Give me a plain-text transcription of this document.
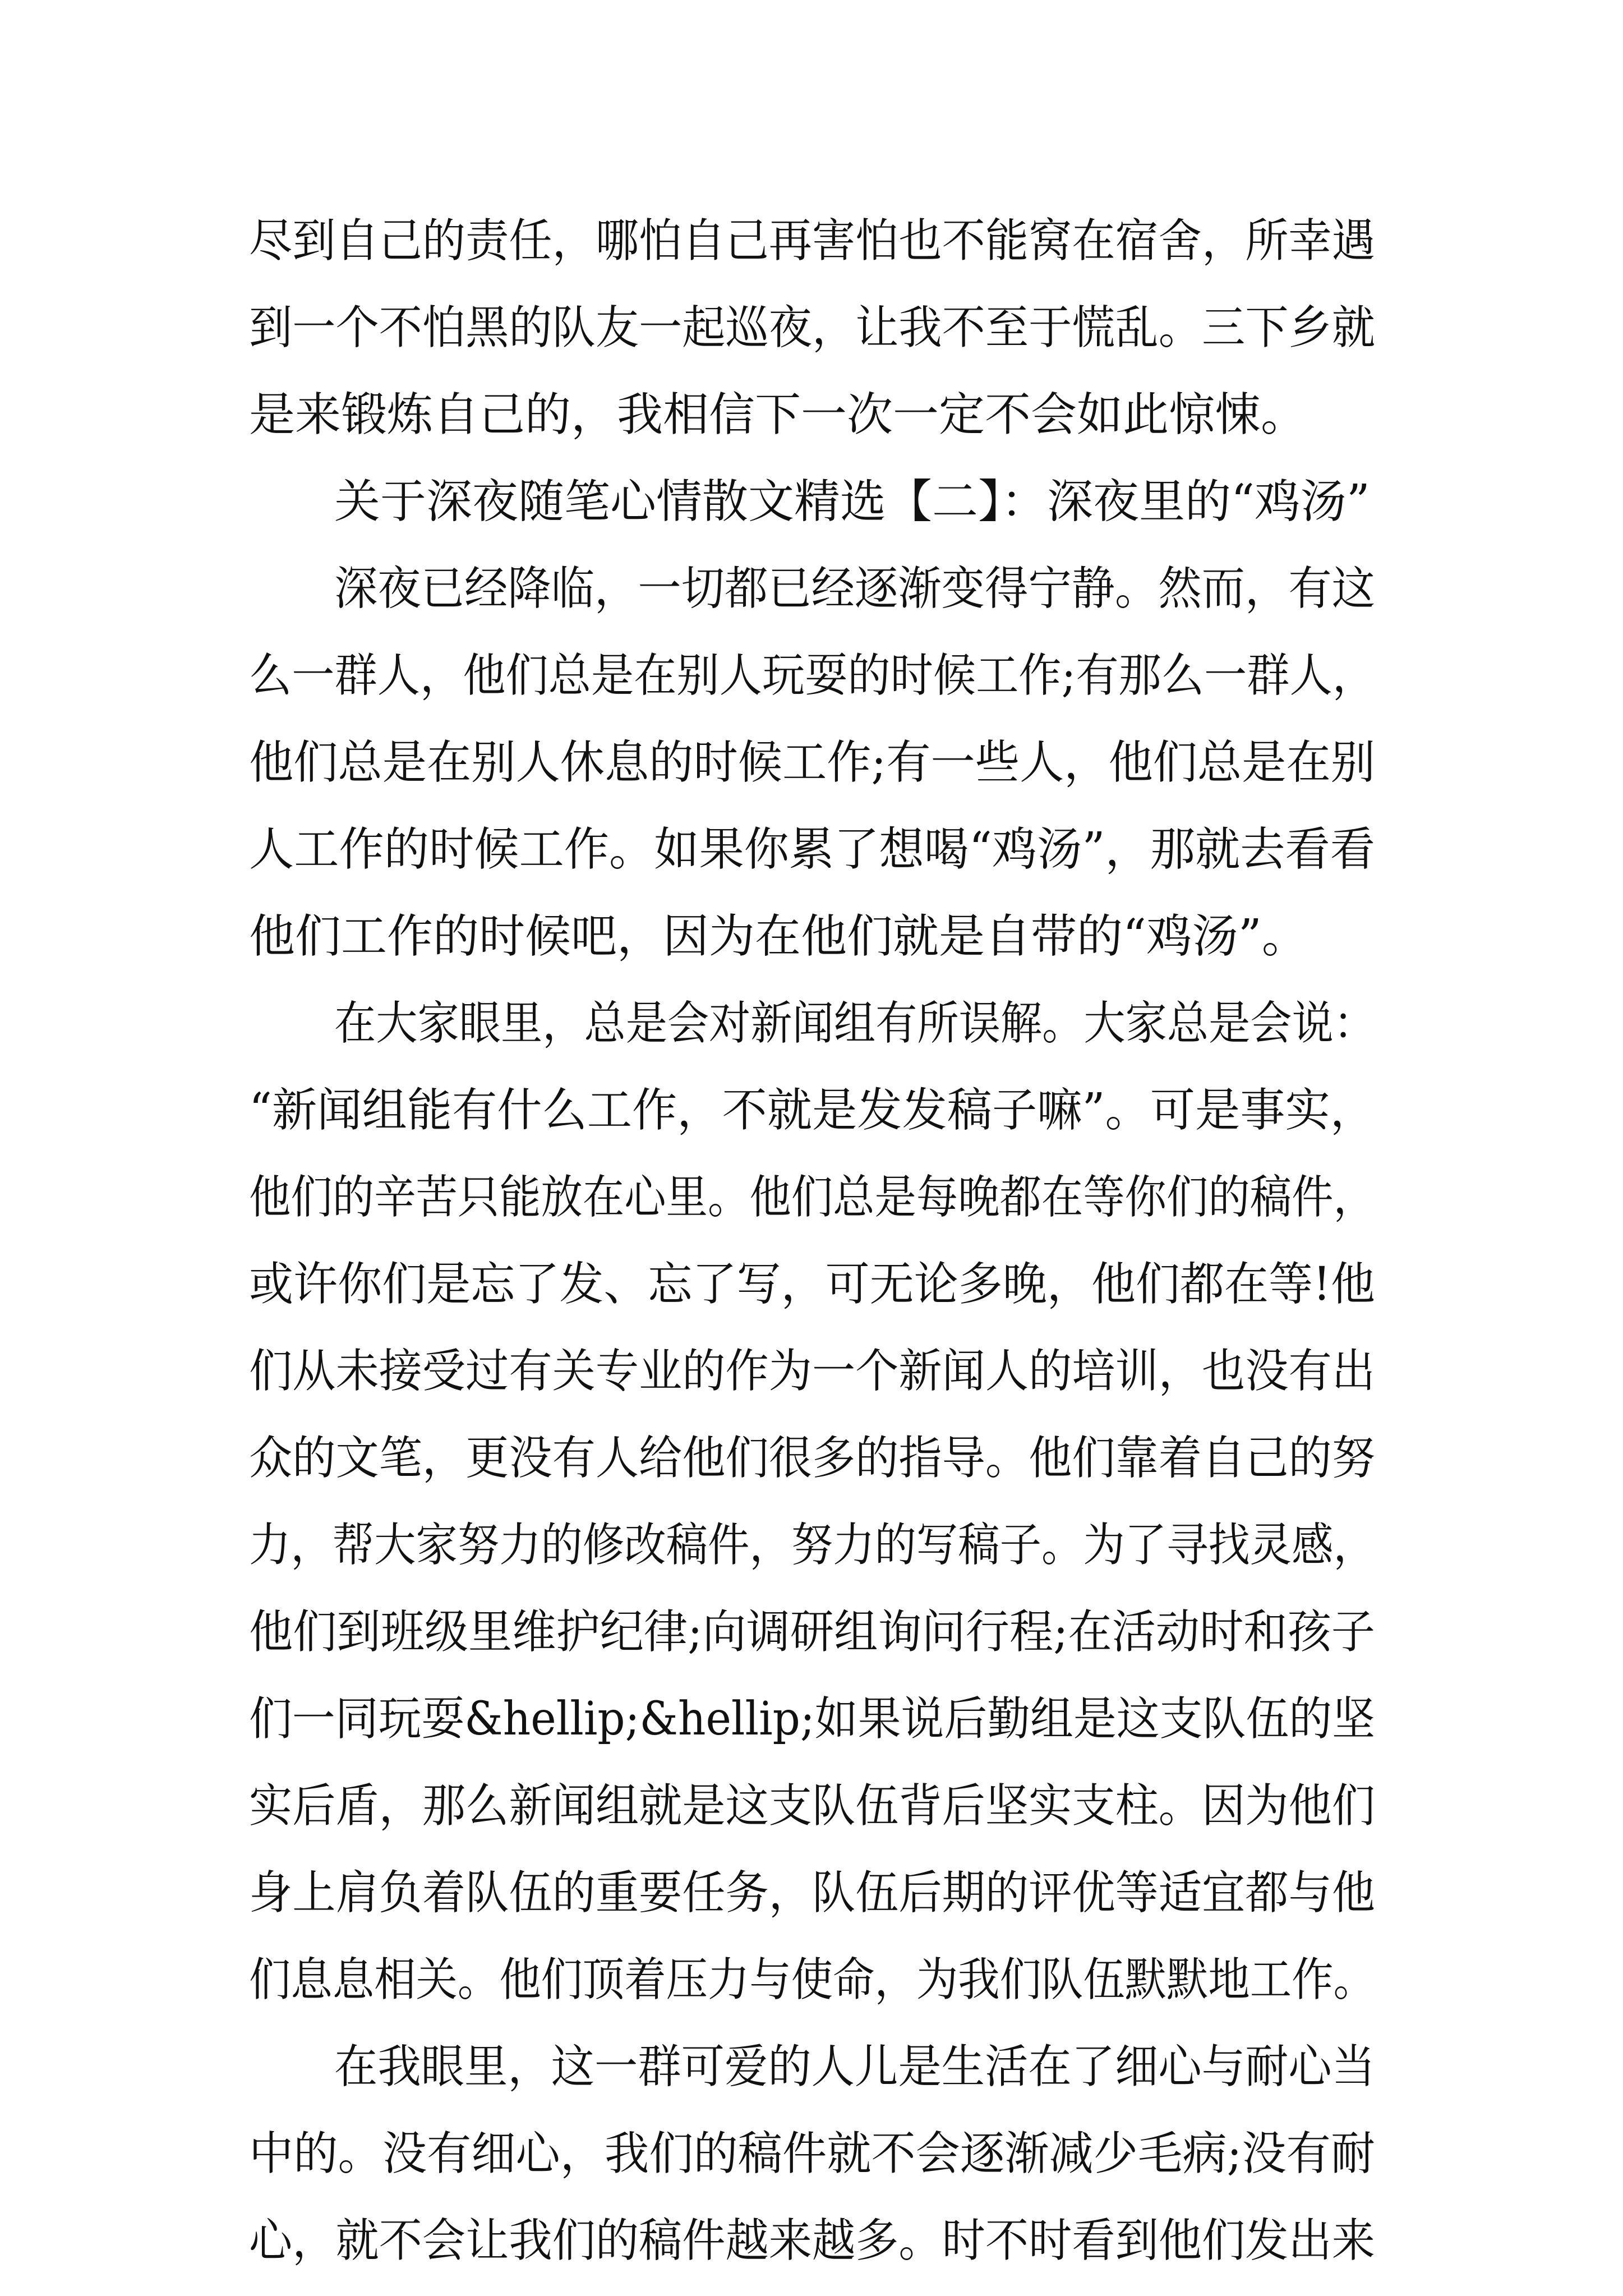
尽到自己的责任，哪怕自己再害怕也不能窝在宿舍，所幸遇
到一个不怕黑的队友一起巡夜，让我不至于慌乱。三下乡就
是来锻炼自己的，我相信下一次一定不会如此惊悚。
关于深夜随笔心情散文精选【二】：深夜里的“鸡汤”
深夜已经降临，一切都已经逐渐变得宁静。然而，有这
么一群人，他们总是在别人玩耍的时候工作;有那么一群人，
他们总是在别人休息的时候工作;有一些人，他们总是在别
人工作的时候工作。如果你累了想喝“鸡汤”，那就去看看
他们工作的时候吧，因为在他们就是自带的“鸡汤”。
在大家眼里，总是会对新闻组有所误解。大家总是会说：
“新闻组能有什么工作，不就是发发稿子嘛”。可是事实，
他们的辛苦只能放在心里。他们总是每晚都在等你们的稿件，
或许你们是忘了发、忘了写，可无论多晚，他们都在等!他
们从未接受过有关专业的作为一个新闻人的培训，也没有出
众的文笔，更没有人给他们很多的指导。他们靠着自己的努
力，帮大家努力的修改稿件，努力的写稿子。为了寻找灵感，
他们到班级里维护纪律;向调研组询问行程;在活动时和孩子
们一同玩耍&hellip;&hellip;如果说后勤组是这支队伍的坚
实后盾，那么新闻组就是这支队伍背后坚实支柱。因为他们
身上肩负着队伍的重要任务，队伍后期的评优等适宜都与他
们息息相关。他们顶着压力与使命，为我们队伍默默地工作。
在我眼里，这一群可爱的人儿是生活在了细心与耐心当
中的。没有细心，我们的稿件就不会逐渐减少毛病;没有耐
心，就不会让我们的稿件越来越多。时不时看到他们发出来
